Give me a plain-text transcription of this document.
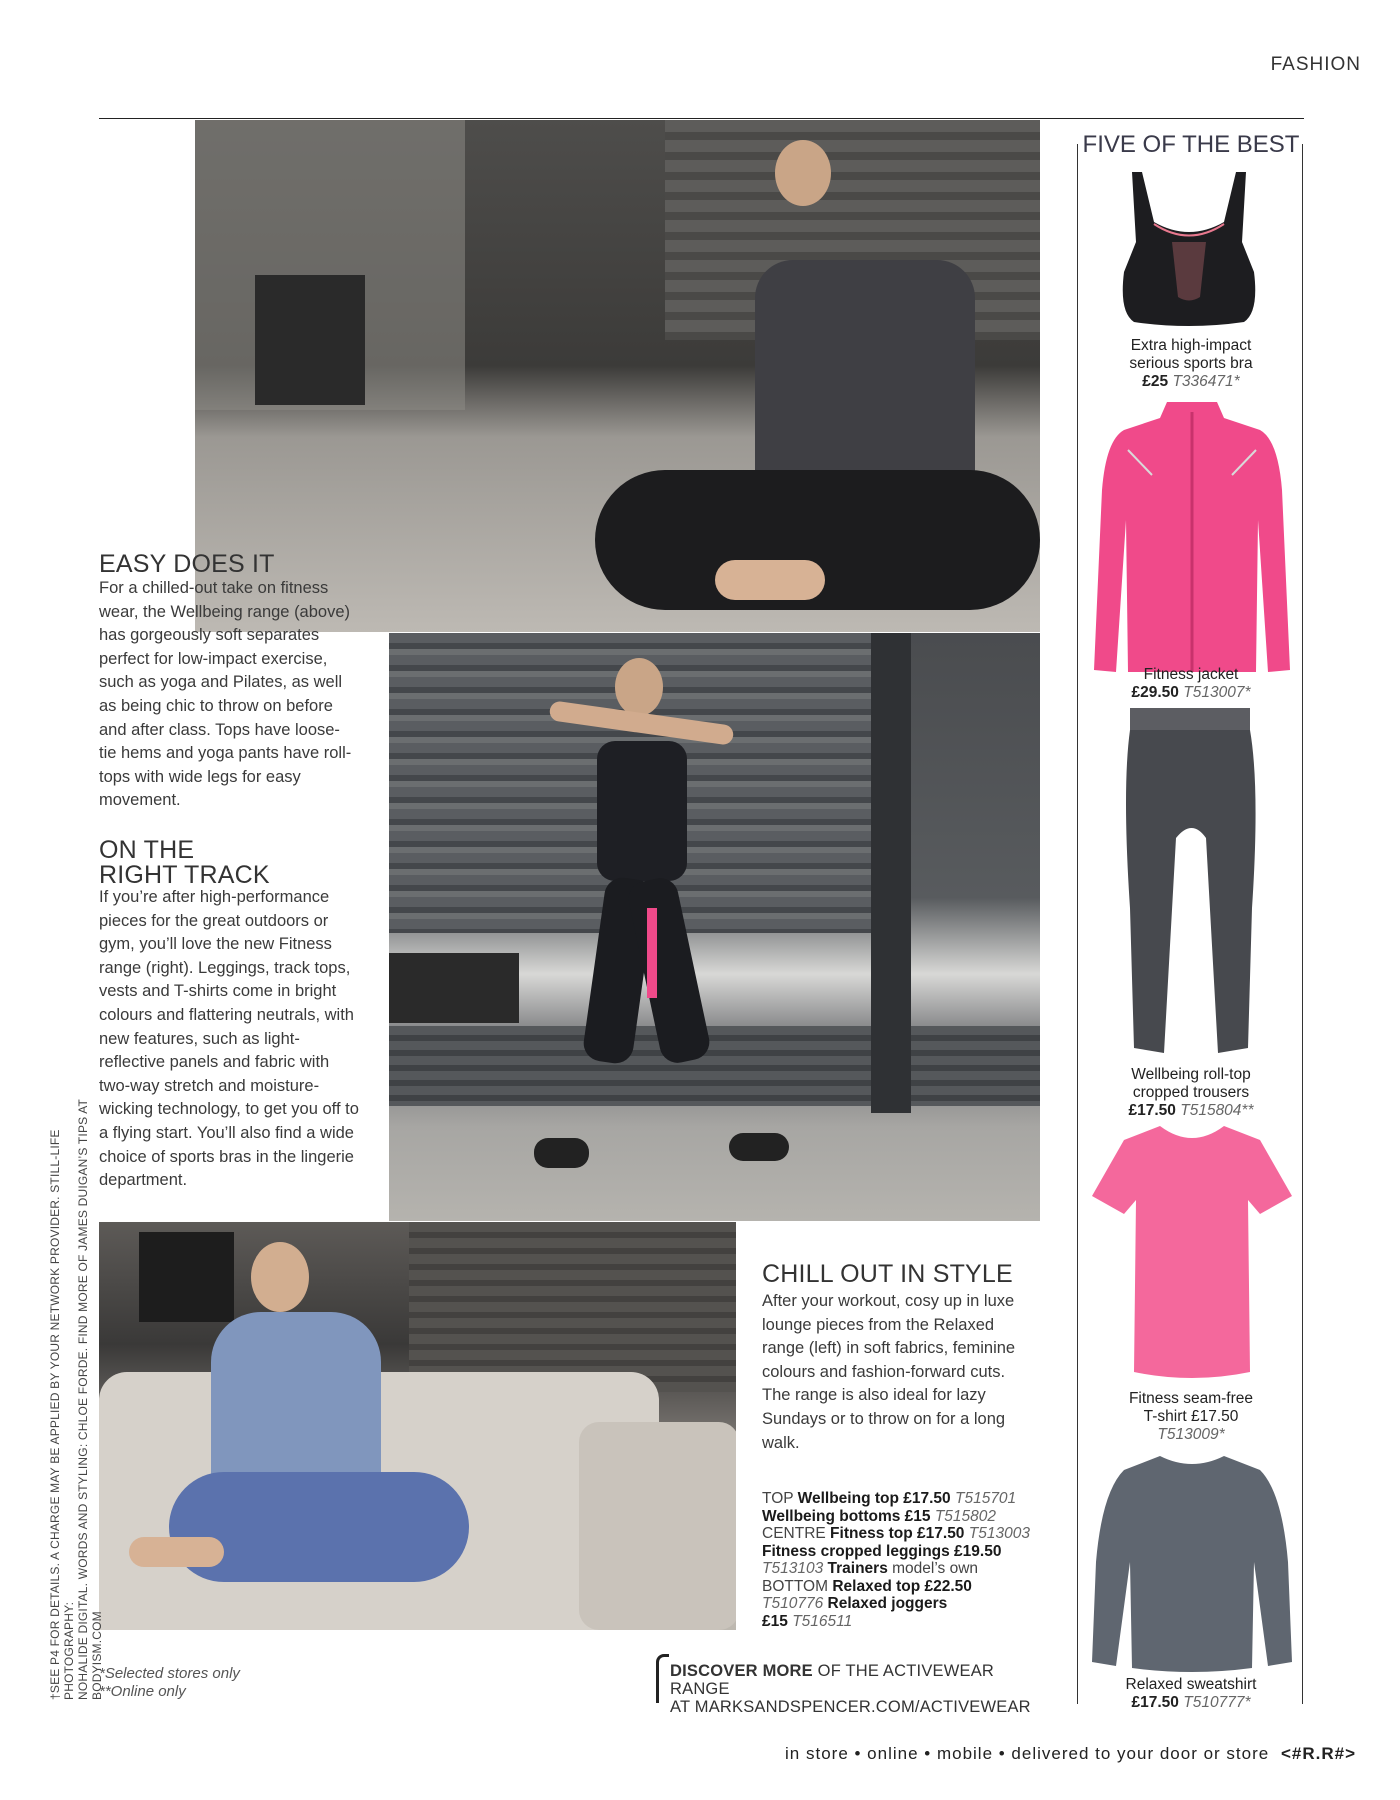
FASHION
EASY DOES IT
For a chilled-out take on fitness wear, the Wellbeing range (above) has gorgeously soft separates perfect for low-impact exercise, such as yoga and Pilates, as well as being chic to throw on before and after class. Tops have loose-tie hems and yoga pants have roll-tops with wide legs for easy movement.
ON THE
RIGHT TRACK
If you’re after high-performance pieces for the great outdoors or gym, you’ll love the new Fitness range (right). Leggings, track tops, vests and T-shirts come in bright colours and flattering neutrals, with new features, such as light-reflective panels and fabric with two-way stretch and moisture-wicking technology, to get you off to a flying start. You’ll also find a wide choice of sports bras in the lingerie department.
CHILL OUT IN STYLE
After your workout, cosy up in luxe lounge pieces from the Relaxed range (left) in soft fabrics, feminine colours and fashion-forward cuts. The range is also ideal for lazy Sundays or to throw on for a long walk.
TOP Wellbeing top £17.50 T515701
Wellbeing bottoms £15 T515802
CENTRE Fitness top £17.50 T513003
Fitness cropped leggings £19.50
T513103 Trainers model’s own
BOTTOM Relaxed top £22.50
T510776 Relaxed joggers
£15 T516511
FIVE OF THE BEST
Extra high-impact
serious sports bra
£25 T336471*
Fitness jacket
£29.50 T513007*
Wellbeing roll-top
cropped trousers
£17.50 T515804**
Fitness seam-free
T-shirt £17.50
T513009*
Relaxed sweatshirt
£17.50 T510777*
*Selected stores only
**Online only
DISCOVER MORE OF THE ACTIVEWEAR RANGE
AT MARKSANDSPENCER.COM/ACTIVEWEAR
in store • online • mobile • delivered to your door or store <#R.R#>
†SEE P4 FOR DETAILS. A CHARGE MAY BE APPLIED BY YOUR NETWORK PROVIDER. STILL-LIFE PHOTOGRAPHY: NOHALIDE DIGITAL. WORDS AND STYLING: CHLOE FORDE. FIND MORE OF JAMES DUIGAN’S TIPS AT BODYISM.COM
